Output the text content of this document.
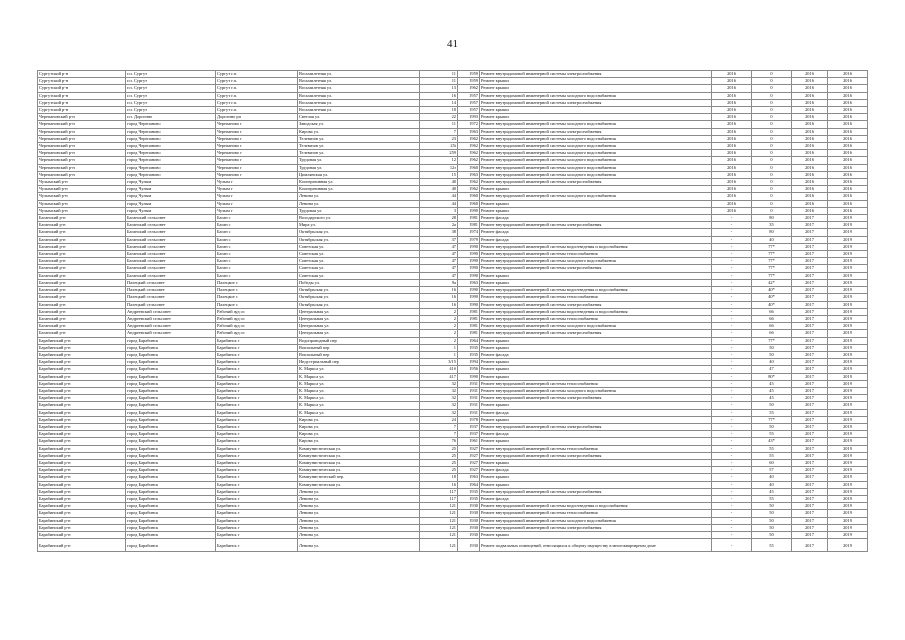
41
Сургутский р-н	г.п. Сургут	Сургут г.п.	Восьмилетняя ул.	11	1959	Ремонт внутридомовой инженерной системы электроснабжения	2016	0	2016	2016
Сургутский р-н	г.п. Сургут	Сургут г.п.	Восьмилетняя ул.	11	1959	Ремонт крыши	2016	0	2016	2016
Сургутский р-н	г.п. Сургут	Сургут г.п.	Восьмилетняя ул.	13	1962	Ремонт крыши	2016	0	2016	2016
Сургутский р-н	г.п. Сургут	Сургут г.п.	Восьмилетняя ул.	16	1957	Ремонт внутридомовой инженерной системы холодного водоснабжения	2016	0	2016	2016
Сургутский р-н	г.п. Сургут	Сургут г.п.	Восьмилетняя ул.	14	1957	Ремонт внутридомовой инженерной системы электроснабжения	2016	0	2016	2016
Сургутский р-н	г.п. Сургут	Сургут г.п.	Восьмилетняя ул.	18	1957	Ремонт крыши	2016	0	2016	2016
Черепановский р-н	г.п. Дорогино	Дорогино рп	Светлая ул.	22	1993	Ремонт крыши	2016	0	2016	2016
Черепановский р-н	город Черепаново	Черепаново г	Заводская ул.	11	1972	Ремонт внутридомовой инженерной системы холодного водоснабжения	2016	0	2016	2016
Черепановский р-н	город Черепаново	Черепаново г	Кирова ул.	7	1963	Ремонт внутридомовой инженерной системы электроснабжения	2016	0	2016	2016
Черепановский р-н	город Черепаново	Черепаново г	Телевизов ул.	23	1962	Ремонт внутридомовой инженерной системы холодного водоснабжения	2016	0	2016	2016
Черепановский р-н	город Черепаново	Черепаново г	Телевизов ул.	25i	1962	Ремонт внутридомовой инженерной системы холодного водоснабжения	2016	0	2016	2016
Черепановский р-н	город Черепаново	Черепаново г	Телевизов ул.	259	1962	Ремонт внутридомовой инженерной системы холодного водоснабжения	2016	0	2016	2016
Черепановский р-н	город Черепаново	Черепаново г	Трудовая ул.	12	1962	Ремонт внутридомовой инженерной системы холодного водоснабжения	2016	0	2016	2016
Черепановский р-н	город Черепаново	Черепаново г	Трудовая ул.	12з	1960	Ремонт внутридомовой инженерной системы холодного водоснабжения	2016	0	2016	2016
Черепановский р-н	город Черепаново	Черепаново г	Цимлянская ул.	15	1963	Ремонт внутридомовой инженерной системы холодного водоснабжения	2016	0	2016	2016
Чулымский р-н	город Чулым	Чулым г	Кооперативная ул.	40	1962	Ремонт внутридомовой инженерной системы электроснабжения	2016	0	2016	2016
Чулымский р-н	город Чулым	Чулым г	Кооперативная ул.	40	1962	Ремонт крыши	2016	0	2016	2016
Чулымский р-н	город Чулым	Чулым г	Ленина ул.	44	1960	Ремонт внутридомовой инженерной системы холодного водоснабжения	2016	0	2016	2016
Чулымский р-н	город Чулым	Чулым г	Ленина ул.	44	1960	Ремонт крыши	2016	0	2016	2016
Чулымский р-н	город Чулым	Чулым г	Трудовая ул.	3	1990	Ремонт крыши	2016	0	2016	2016
Баганский р-н	Баганский сельсовет	Баган с	Володарского ул.	28	1981	Ремонт фасада	-	80	2017	2019
Баганский р-н	Баганский сельсовет	Баган с	Мира ул.	2а	1981	Ремонт внутридомовой инженерной системы электроснабжения	-	35	2017	2019
Баганский р-н	Баганский сельсовет	Баган с	Октябрьская ул.	38	1974	Ремонт фасада	-	80	2017	2019
Баганский р-н	Баганский сельсовет	Баган с	Октябрьская ул.	37	1979	Ремонт фасада	-	40	2017	2019
Баганский р-н	Баганский сельсовет	Баган с	Советская ул.	47	1990	Ремонт внутридомовой инженерной системы водоотведения и водоснабжения	-	77*	2017	2019
Баганский р-н	Баганский сельсовет	Баган с	Советская ул.	47	1990	Ремонт внутридомовой инженерной системы теплоснабжения	-	77*	2017	2019
Баганский р-н	Баганский сельсовет	Баган с	Советская ул.	47	1990	Ремонт внутридомовой инженерной системы холодного водоснабжения	-	77*	2017	2019
Баганский р-н	Баганский сельсовет	Баган с	Советская ул.	47	1990	Ремонт внутридомовой инженерной системы электроснабжения	-	77*	2017	2019
Баганский р-н	Баганский сельсовет	Баган с	Советская ул.	47	1990	Ремонт крыши	-	77*	2017	2019
Баганский р-н	Палецкий сельсовет	Палецкое с	Победы ул.	9а	1963	Ремонт крыши	-	42*	2017	2019
Баганский р-н	Палецкий сельсовет	Палецкое с	Октябрьская ул.	16	1990	Ремонт внутридомовой инженерной системы водоотведения и водоснабжения	-	40*	2017	2019
Баганский р-н	Палецкий сельсовет	Палецкое с	Октябрьская ул.	16	1990	Ремонт внутридомовой инженерной системы теплоснабжения	-	40*	2017	2019
Баганский р-н	Палецкий сельсовет	Палецкое с	Октябрьская ул.	16	1990	Ремонт внутридомовой инженерной системы электроснабжения	-	40*	2017	2019
Баганский р-н	Андреевский сельсовет	Рабочий ауд ос	Центральная ул.	2	1981	Ремонт внутридомовой инженерной системы водоотведения и водоснабжения	-	66	2017	2019
Баганский р-н	Андреевский сельсовет	Рабочий ауд ос	Центральная ул.	2	1981	Ремонт внутридомовой инженерной системы теплоснабжения	-	66	2017	2019
Баганский р-н	Андреевский сельсовет	Рабочий ауд ос	Центральная ул.	2	1981	Ремонт внутридомовой инженерной системы холодного водоснабжения	-	66	2017	2019
Баганский р-н	Андреевский сельсовет	Рабочий ауд ос	Центральная ул.	2	1981	Ремонт внутридомовой инженерной системы электроснабжения	-	66	2017	2019
Барабинский р-н	город Барабинск	Барабинск г	Водопроводный пер	2	1964	Ремонт крыши	-	77*	2017	2019
Барабинский р-н	город Барабинск	Барабинск г	Вокзальный пер	1	1935	Ремонт крыши	-	50	2017	2019
Барабинский р-н	город Барабинск	Барабинск г	Вокзальный пер	1	1935	Ремонт фасада	-	50	2017	2019
Барабинский р-н	город Барабинск	Барабинск г	Индустриальный пер	3/15	1994	Ремонт крыши	-	40	2017	2019
Барабинский р-н	город Барабинск	Барабинск г	К. Маркса ул.	41б	1956	Ремонт крыши	-	47	2017	2019
Барабинский р-н	город Барабинск	Барабинск г	К. Маркса ул.	417	1990	Ремонт крыши	-	80*	2017	2019
Барабинский р-н	город Барабинск	Барабинск г	К. Маркса ул.	32	1931	Ремонт внутридомовой инженерной системы теплоснабжения	-	45	2017	2019
Барабинский р-н	город Барабинск	Барабинск г	К. Маркса ул.	32	1931	Ремонт внутридомовой инженерной системы холодного водоснабжения	-	45	2017	2019
Барабинский р-н	город Барабинск	Барабинск г	К. Маркса ул.	32	1931	Ремонт внутридомовой инженерной системы электроснабжения	-	45	2017	2019
Барабинский р-н	город Барабинск	Барабинск г	К. Маркса ул.	32	1931	Ремонт крыши	-	50	2017	2019
Барабинский р-н	город Барабинск	Барабинск г	К. Маркса ул.	32	1931	Ремонт фасада	-	55	2017	2019
Барабинский р-н	город Барабинск	Барабинск г	Кирова ул.	24	1978	Ремонт крыши	-	77*	2017	2019
Барабинский р-н	город Барабинск	Барабинск г	Кирова ул.	7	1937	Ремонт внутридомовой инженерной системы электроснабжения	-	50	2017	2019
Барабинский р-н	город Барабинск	Барабинск г	Кирова ул.	7	1937	Ремонт фасада	-	55	2017	2019
Барабинский р-н	город Барабинск	Барабинск г	Кирова ул.	76	1961	Ремонт крыши	-	43*	2017	2019
Барабинский р-н	город Барабинск	Барабинск г	Коммунистическая ул.	25	1927	Ремонт внутридомовой инженерной системы теплоснабжения	-	55	2017	2019
Барабинский р-н	город Барабинск	Барабинск г	Коммунистическая ул.	25	1927	Ремонт внутридомовой инженерной системы электроснабжения	-	55	2017	2019
Барабинский р-н	город Барабинск	Барабинск г	Коммунистическая ул.	25	1927	Ремонт крыши	-	60	2017	2019
Барабинский р-н	город Барабинск	Барабинск г	Коммунистическая ул.	25	1927	Ремонт фасада	-	57	2017	2019
Барабинский р-н	город Барабинск	Барабинск г	Коммунистический пер.	18	1963	Ремонт крыши	-	40	2017	2019
Барабинский р-н	город Барабинск	Барабинск г	Коммунистическая ул.	16	1964	Ремонт крыши	-	40	2017	2019
Барабинский р-н	город Барабинск	Барабинск г	Ленина ул.	117	1935	Ремонт внутридомовой инженерной системы электроснабжения	-	45	2017	2019
Барабинский р-н	город Барабинск	Барабинск г	Ленина ул.	117	1935	Ремонт фасада	-	55	2017	2019
Барабинский р-н	город Барабинск	Барабинск г	Ленина ул.	121	1930	Ремонт внутридомовой инженерной системы водоотведения и водоснабжения	-	50	2017	2019
Барабинский р-н	город Барабинск	Барабинск г	Ленина ул.	121	1930	Ремонт внутридомовой инженерной системы теплоснабжения	-	50	2017	2019
Барабинский р-н	город Барабинск	Барабинск г	Ленина ул.	121	1930	Ремонт внутридомовой инженерной системы холодного водоснабжения	-	50	2017	2019
Барабинский р-н	город Барабинск	Барабинск г	Ленина ул.	121	1930	Ремонт внутридомовой инженерной системы электроснабжения	-	50	2017	2019
Барабинский р-н	город Барабинск	Барабинск г	Ленина ул.	121	1930	Ремонт крыши	-	50	2017	2019
Барабинский р-н	город Барабинск	Барабинск г	Ленина ул.	121	1930	Ремонт подвальных помещений, относящихся к общему имуществу в многоквартирном доме	-	55	2017	2019
